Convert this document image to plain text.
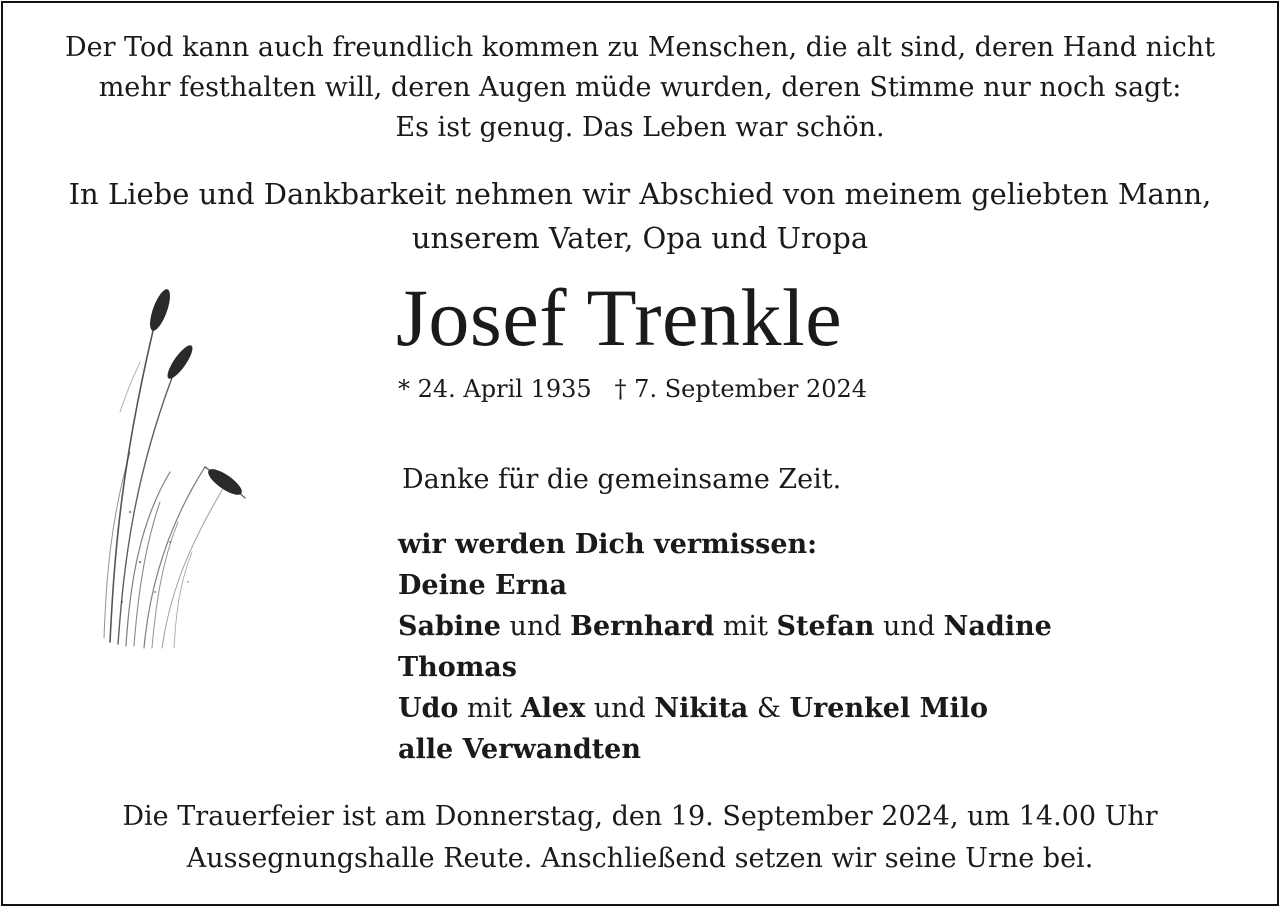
Der Tod kann auch freundlich kommen zu Menschen, die alt sind, deren Hand nicht
mehr festhalten will, deren Augen müde wurden, deren Stimme nur noch sagt:
Es ist genug. Das Leben war schön.
In Liebe und Dankbarkeit nehmen wir Abschied von meinem geliebten Mann,
unserem Vater, Opa und Uropa
Josef Trenkle
* 24. April 1935 † 7. September 2024
Danke für die gemeinsame Zeit.
wir werden Dich vermissen:
Deine Erna
Sabine und Bernhard mit Stefan und Nadine
Thomas
Udo mit Alex und Nikita & Urenkel Milo
alle Verwandten
Die Trauerfeier ist am Donnerstag, den 19. September 2024, um 14.00 Uhr
Aussegnungshalle Reute. Anschließend setzen wir seine Urne bei.
